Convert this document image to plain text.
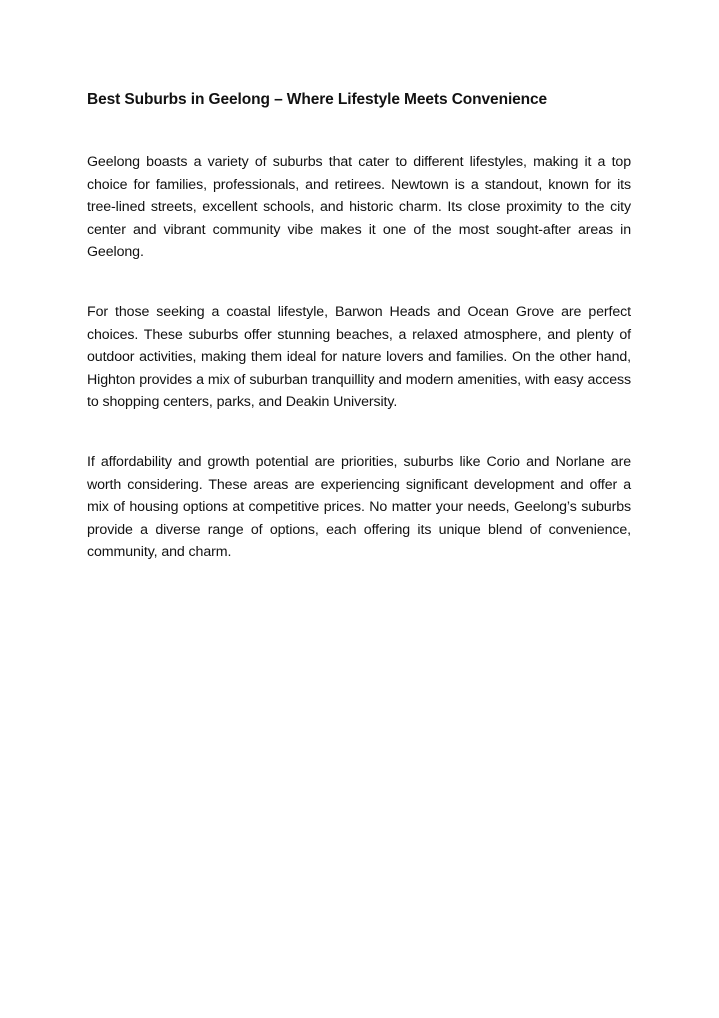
Best Suburbs in Geelong – Where Lifestyle Meets Convenience

Geelong boasts a variety of suburbs that cater to different lifestyles, making it a top choice for families, professionals, and retirees. Newtown is a standout, known for its tree-lined streets, excellent schools, and historic charm. Its close proximity to the city center and vibrant community vibe makes it one of the most sought-after areas in Geelong.

For those seeking a coastal lifestyle, Barwon Heads and Ocean Grove are perfect choices. These suburbs offer stunning beaches, a relaxed atmosphere, and plenty of outdoor activities, making them ideal for nature lovers and families. On the other hand, Highton provides a mix of suburban tranquillity and modern amenities, with easy access to shopping centers, parks, and Deakin University.

If affordability and growth potential are priorities, suburbs like Corio and Norlane are worth considering. These areas are experiencing significant development and offer a mix of housing options at competitive prices. No matter your needs, Geelong’s suburbs provide a diverse range of options, each offering its unique blend of convenience, community, and charm.
